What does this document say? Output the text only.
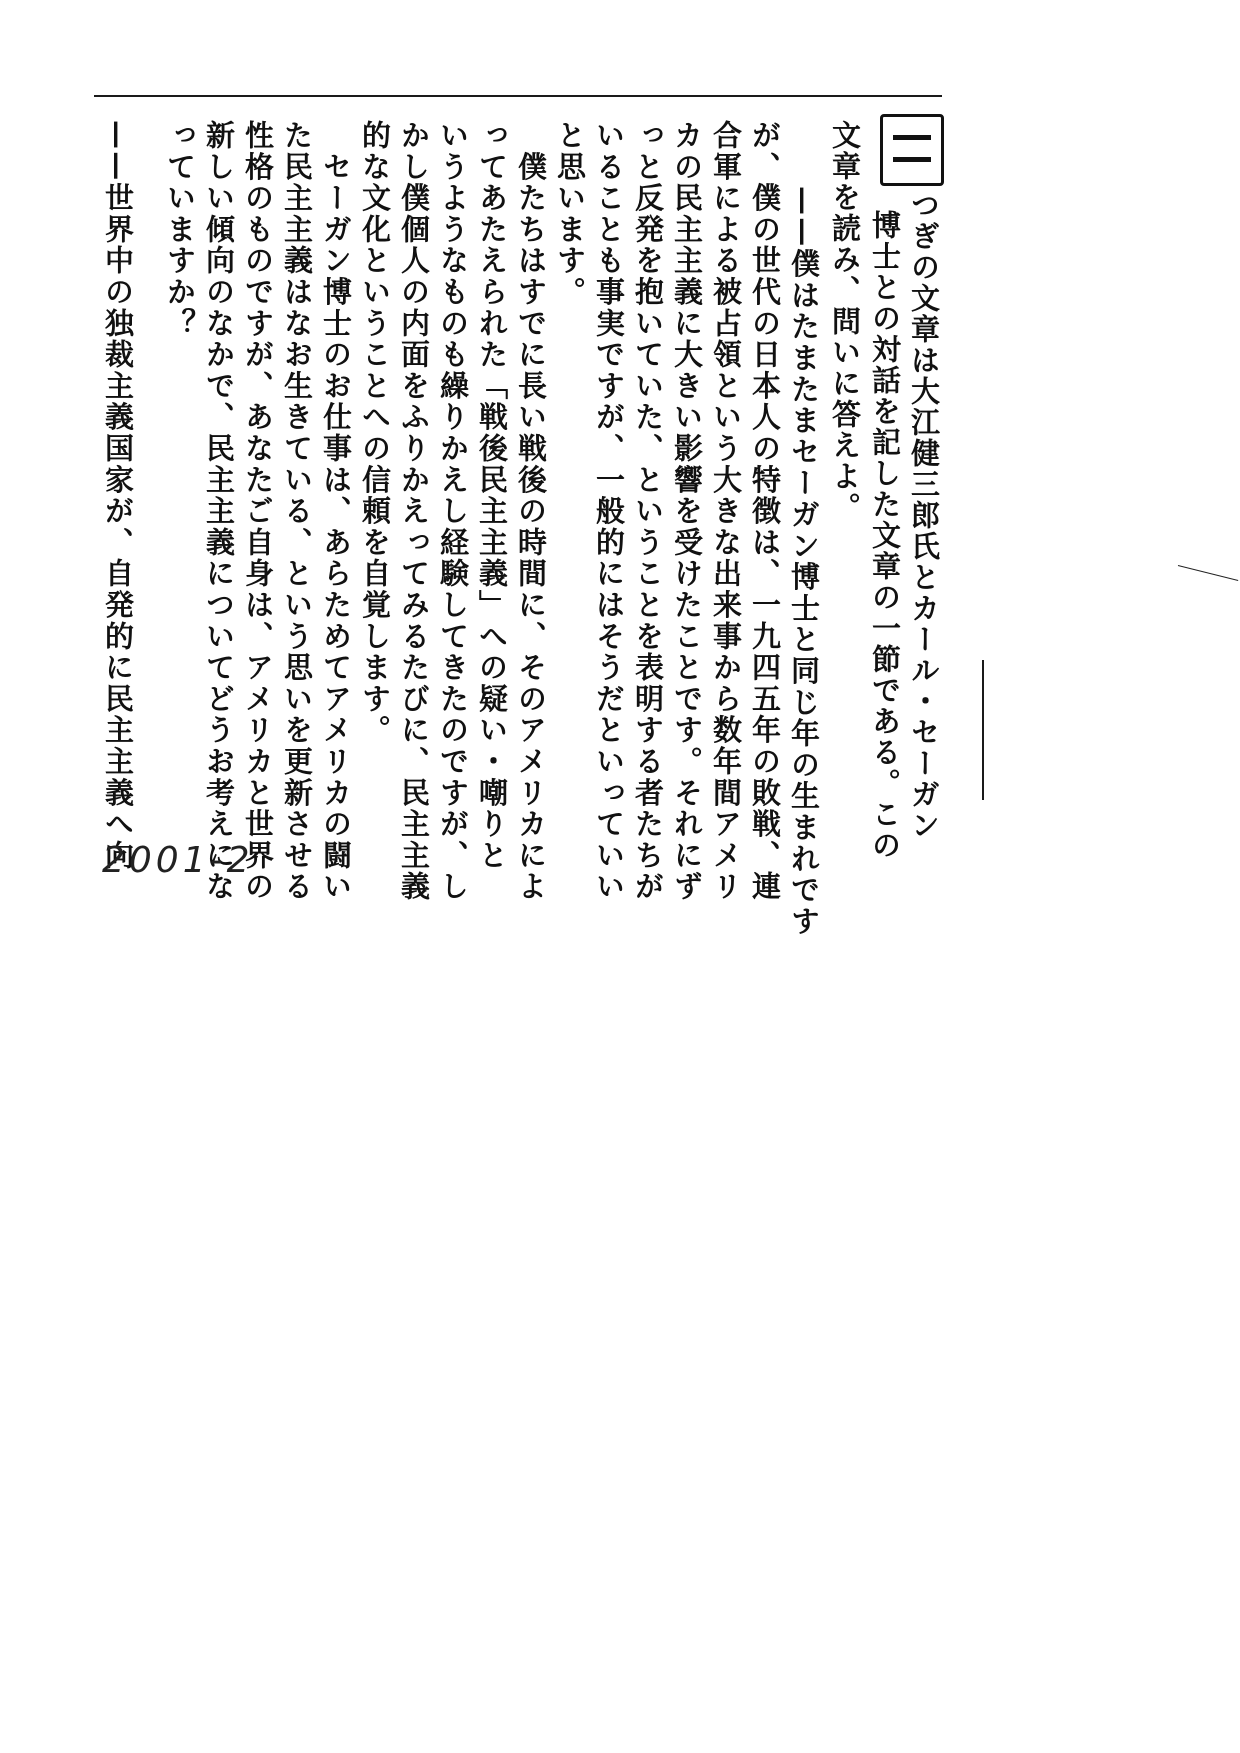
つぎの文章は大江健三郎氏とカール・セーガン
博士との対話を記した文章の一節である。この
文章を読み、問いに答えよ。
——僕はたまたまセーガン博士と同じ年の生まれです
が、僕の世代の日本人の特徴は、一九四五年の敗戦、連
合軍による被占領という大きな出来事から数年間アメリ
カの民主主義に大きい影響を受けたことです。それにず
っと反発を抱いていた、ということを表明する者たちが
いることも事実ですが、一般的にはそうだといっていい
と思います。
　僕たちはすでに長い戦後の時間に、そのアメリカによ
ってあたえられた「戦後民主主義」への疑い・嘲りと
いうようなものも繰りかえし経験してきたのですが、し
かし僕個人の内面をふりかえってみるたびに、民主主義
的な文化ということへの信頼を自覚します。
　セーガン博士のお仕事は、あらためてアメリカの闘い
た民主主義はなお生きている、という思いを更新させる
性格のものですが、あなたご自身は、アメリカと世界の
新しい傾向のなかで、民主主義についてどうお考えにな
っていますか？
——世界中の独裁主義国家が、自発的に民主主義へ向
2001-2
